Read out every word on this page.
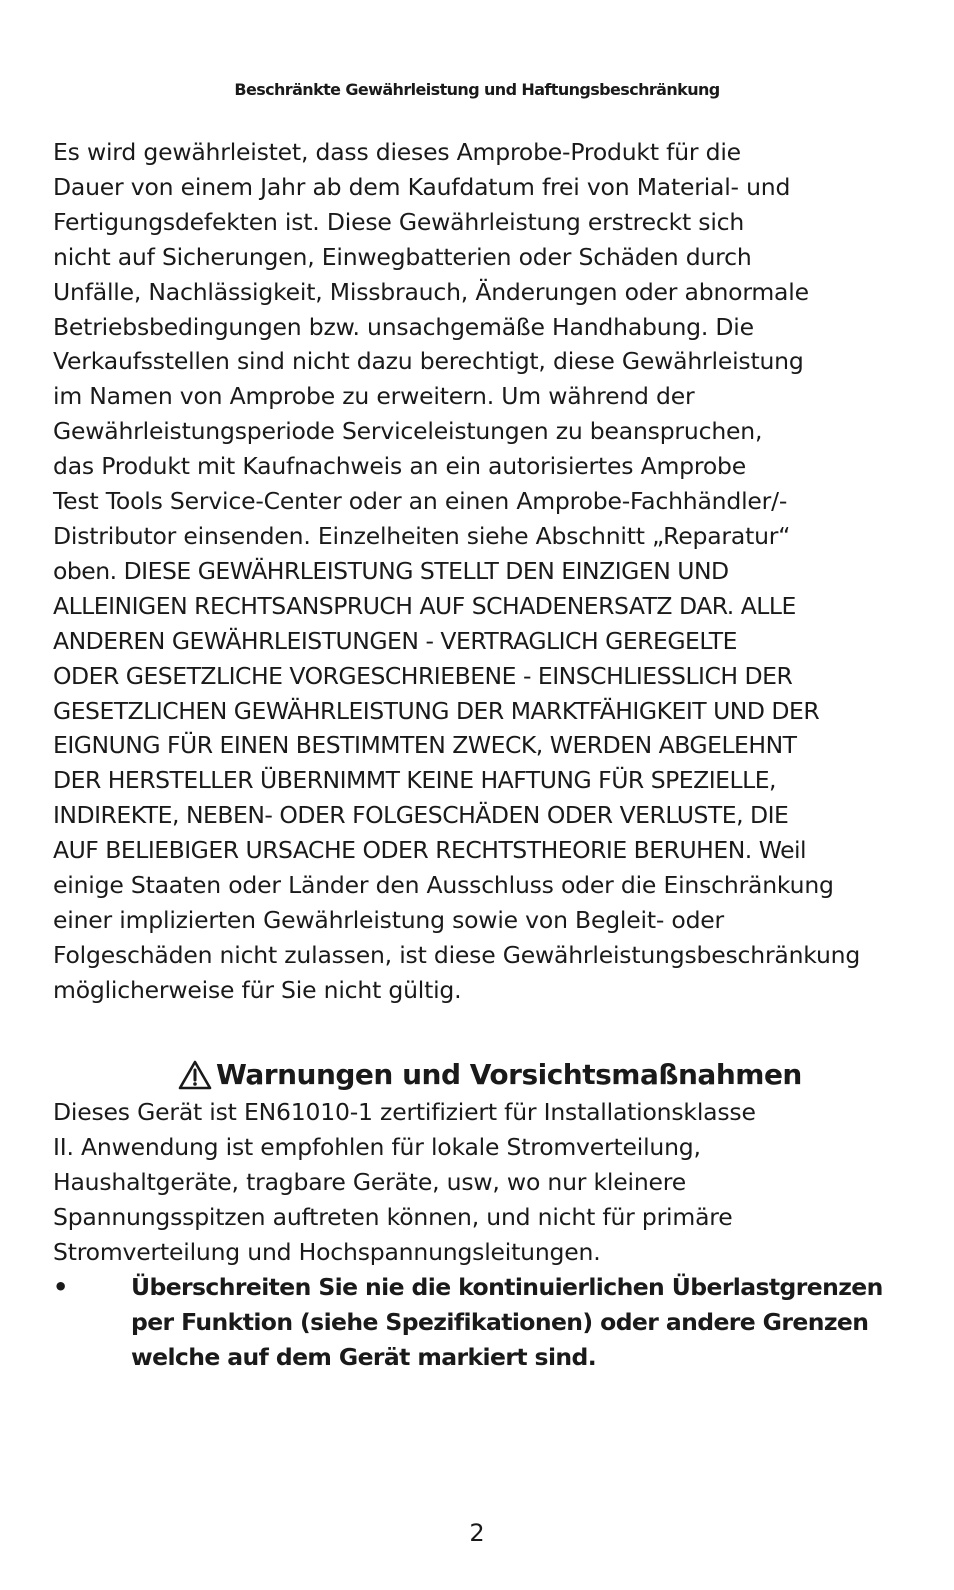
Beschränkte Gewährleistung und Haftungsbeschränkung
Es wird gewährleistet, dass dieses Amprobe-Produkt für die
Dauer von einem Jahr ab dem Kaufdatum frei von Material- und
Fertigungsdefekten ist. Diese Gewährleistung erstreckt sich
nicht auf Sicherungen, Einwegbatterien oder Schäden durch
Unfälle, Nachlässigkeit, Missbrauch, Änderungen oder abnormale
Betriebsbedingungen bzw. unsachgemäße Handhabung. Die
Verkaufsstellen sind nicht dazu berechtigt, diese Gewährleistung
im Namen von Amprobe zu erweitern. Um während der
Gewährleistungsperiode Serviceleistungen zu beanspruchen,
das Produkt mit Kaufnachweis an ein autorisiertes Amprobe
Test Tools Service-Center oder an einen Amprobe-Fachhändler/-
Distributor einsenden. Einzelheiten siehe Abschnitt „Reparatur“
oben. DIESE GEWÄHRLEISTUNG STELLT DEN EINZIGEN UND
ALLEINIGEN RECHTSANSPRUCH AUF SCHADENERSATZ DAR. ALLE
ANDEREN GEWÄHRLEISTUNGEN - VERTRAGLICH GEREGELTE
ODER GESETZLICHE VORGESCHRIEBENE - EINSCHLIESSLICH DER
GESETZLICHEN GEWÄHRLEISTUNG DER MARKTFÄHIGKEIT UND DER
EIGNUNG FÜR EINEN BESTIMMTEN ZWECK, WERDEN ABGELEHNT
DER HERSTELLER ÜBERNIMMT KEINE HAFTUNG FÜR SPEZIELLE,
INDIREKTE, NEBEN- ODER FOLGESCHÄDEN ODER VERLUSTE, DIE
AUF BELIEBIGER URSACHE ODER RECHTSTHEORIE BERUHEN. Weil
einige Staaten oder Länder den Ausschluss oder die Einschränkung
einer implizierten Gewährleistung sowie von Begleit- oder
Folgeschäden nicht zulassen, ist diese Gewährleistungsbeschränkung
möglicherweise für Sie nicht gültig.
Warnungen und Vorsichtsmaßnahmen
Dieses Gerät ist EN61010-1 zertifiziert für Installationsklasse
II. Anwendung ist empfohlen für lokale Stromverteilung,
Haushaltgeräte, tragbare Geräte, usw, wo nur kleinere
Spannungsspitzen auftreten können, und nicht für primäre
Stromverteilung und Hochspannungsleitungen.
•	Überschreiten Sie nie die kontinuierlichen Überlastgrenzen
per Funktion (siehe Spezifikationen) oder andere Grenzen
welche auf dem Gerät markiert sind.
2
